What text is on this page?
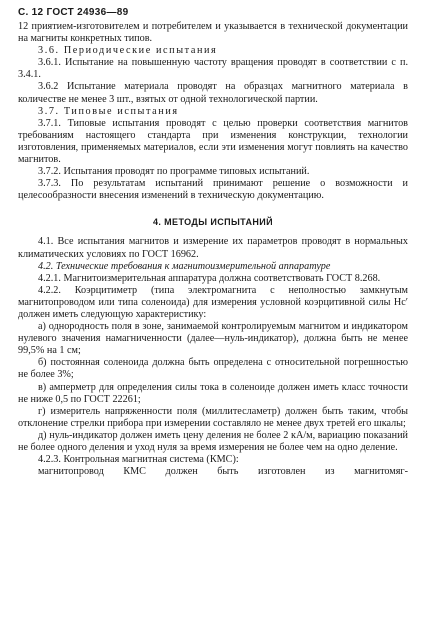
С. 12 ГОСТ 24936—89

12 приятием-изготовителем и потребителем и указывается в технической документации на магниты конкретных типов.

3.6. Периодические испытания

3.6.1. Испытание на повышенную частоту вращения проводят в соответствии с п. 3.4.1.

3.6.2 Испытание материала проводят на образцах магнитного материала в количестве не менее 3 шт., взятых от одной технологической партии.

3.7. Типовые испытания

3.7.1. Типовые испытания проводят с целью проверки соответствия магнитов требованиям настоящего стандарта при изменения конструкции, технологии изготовления, применяемых материалов, если эти изменения могут повлиять на качество магнитов.

3.7.2. Испытания проводят по программе типовых испытаний.

3.7.3. По результатам испытаний принимают решение о возможности и целесообразности внесения изменений в техническую документацию.

4. МЕТОДЫ ИСПЫТАНИЙ

4.1. Все испытания магнитов и измерение их параметров проводят в нормальных климатических условиях по ГОСТ 16962.

4.2. Технические требования к магнитоизмерительной аппаратуре

4.2.1. Магнитоизмерительная аппаратура должна соответствовать ГОСТ 8.268.

4.2.2. Коэрцитиметр (типа электромагнита с неполностью замкнутым магнитопроводом или типа соленоида) для измерения условной коэрцитивной силы Нс′ должен иметь следующую характеристику:

а) однородность поля в зоне, занимаемой контролируемым магнитом и индикатором нулевого значения намагниченности (далее—нуль-индикатор), должна быть не менее 99,5% на 1 см;

б) постоянная соленоида должна быть определена с относительной погрешностью не более 3%;

в) амперметр для определения силы тока в соленоиде должен иметь класс точности не ниже 0,5 по ГОСТ 22261;

г) измеритель напряженности поля (миллитесламетр) должен быть таким, чтобы отклонение стрелки прибора при измерении составляло не менее двух третей его шкалы;

д) нуль-индикатор должен иметь цену деления не более 2 кА/м, вариацию показаний не более одного деления и уход нуля за время измерения не более чем на одно деление.

4.2.3. Контрольная магнитная система (КМС):

магнитопровод КМС должен быть изготовлен из магнитомяг-
